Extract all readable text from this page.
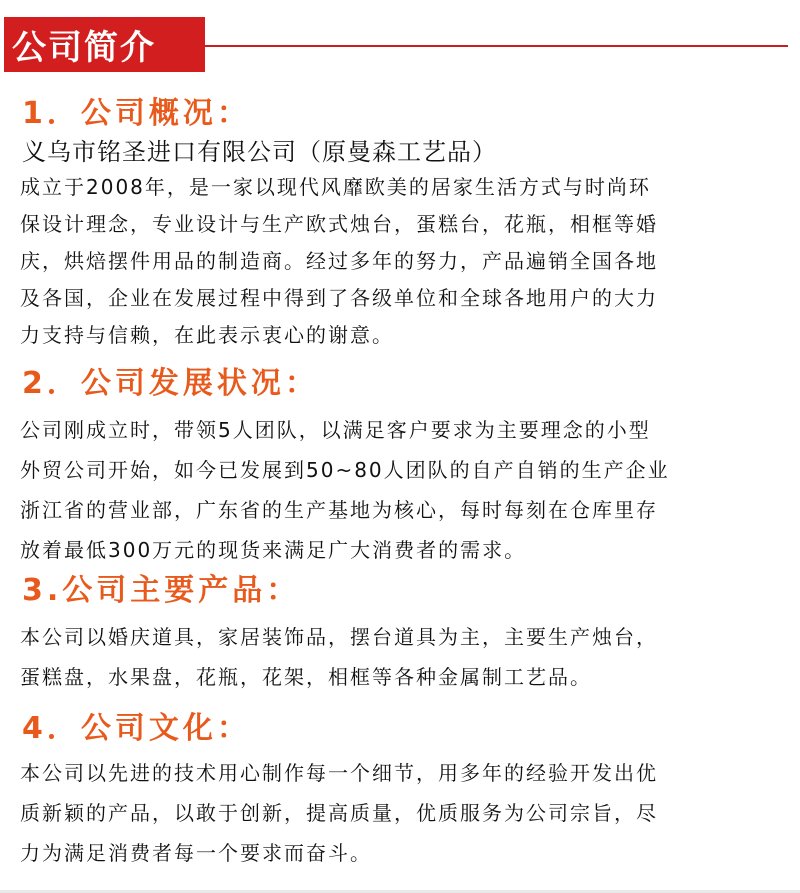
公司简介
1．公司概况：
义乌市铭圣进口有限公司（原曼森工艺品）
成立于2008年，是一家以现代风靡欧美的居家生活方式与时尚环
保设计理念，专业设计与生产欧式烛台，蛋糕台，花瓶，相框等婚
庆，烘焙摆件用品的制造商。经过多年的努力，产品遍销全国各地
及各国，企业在发展过程中得到了各级单位和全球各地用户的大力
力支持与信赖，在此表示衷心的谢意。
2．公司发展状况：
公司刚成立时，带领5人团队，以满足客户要求为主要理念的小型
外贸公司开始，如今已发展到50~80人团队的自产自销的生产企业
浙江省的营业部，广东省的生产基地为核心，每时每刻在仓库里存
放着最低300万元的现货来满足广大消费者的需求。
3.公司主要产品：
本公司以婚庆道具，家居装饰品，摆台道具为主，主要生产烛台，
蛋糕盘，水果盘，花瓶，花架，相框等各种金属制工艺品。
4．公司文化：
本公司以先进的技术用心制作每一个细节，用多年的经验开发出优
质新颖的产品，以敢于创新，提高质量，优质服务为公司宗旨，尽
力为满足消费者每一个要求而奋斗。
